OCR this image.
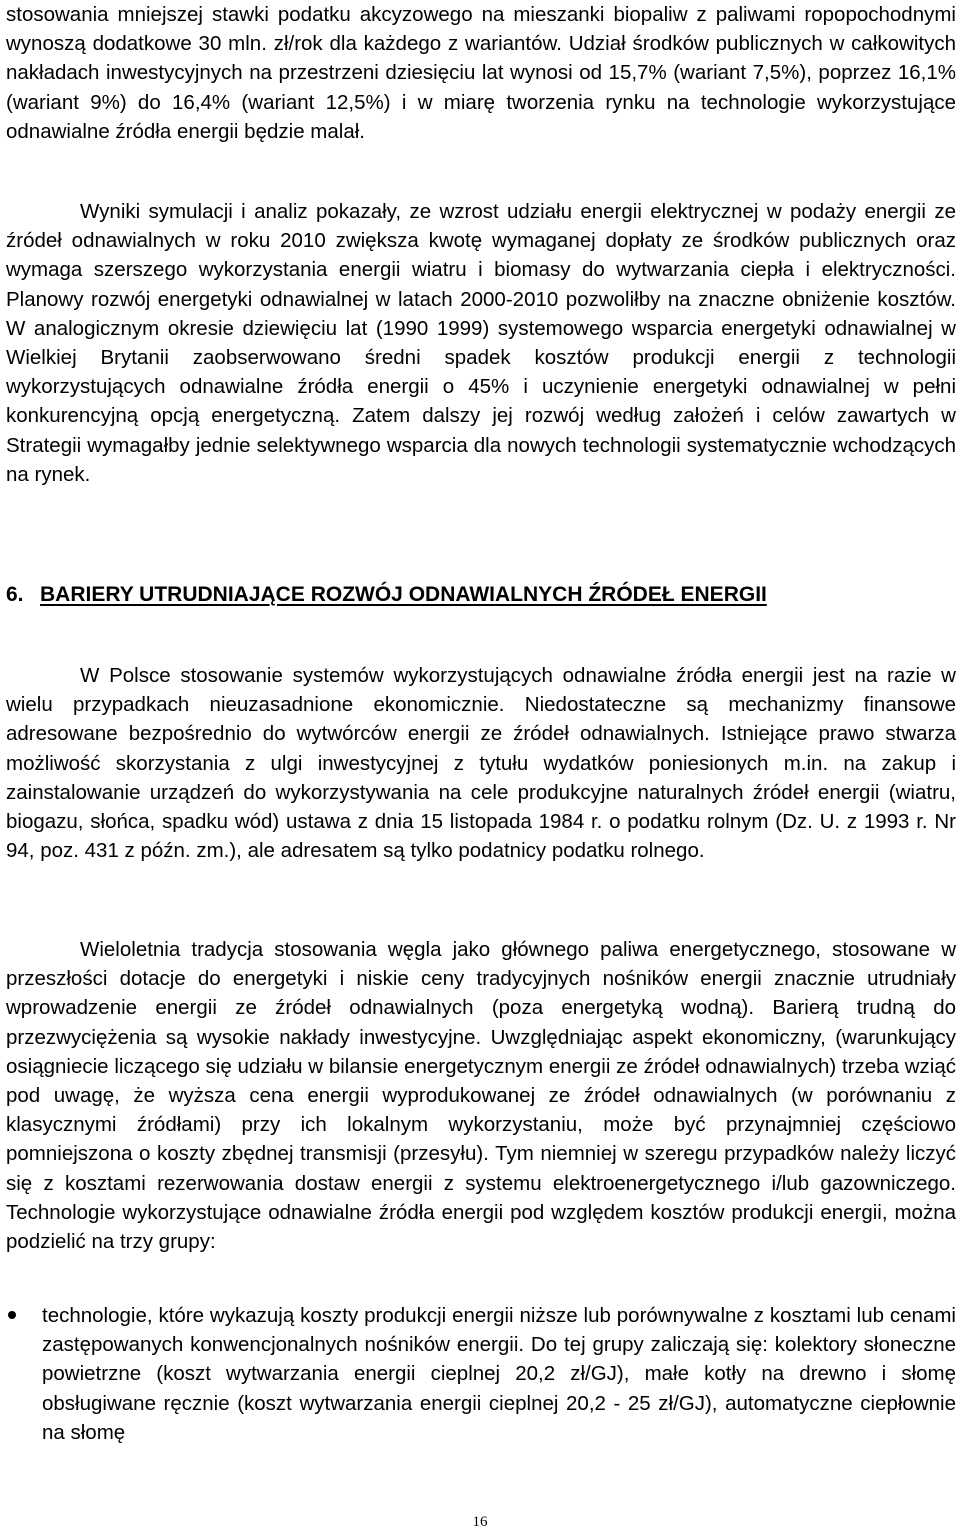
stosowania mniejszej stawki podatku akcyzowego na mieszanki biopaliw z paliwami ropopochodnymi wynoszą dodatkowe 30 mln. zł/rok dla każdego z wariantów. Udział środków publicznych w całkowitych nakładach inwestycyjnych na przestrzeni dziesięciu lat wynosi od 15,7% (wariant 7,5%), poprzez 16,1% (wariant 9%) do 16,4% (wariant 12,5%) i w miarę tworzenia rynku na technologie wykorzystujące odnawialne źródła energii będzie malał.

Wyniki symulacji i analiz pokazały, ze wzrost udziału energii elektrycznej w podaży energii ze źródeł odnawialnych w roku 2010 zwiększa kwotę wymaganej dopłaty ze środków publicznych oraz wymaga szerszego wykorzystania energii wiatru i biomasy do wytwarzania ciepła i elektryczności. Planowy rozwój energetyki odnawialnej w latach 2000-2010 pozwoliłby na znaczne obniżenie kosztów. W analogicznym okresie dziewięciu lat (1990 1999) systemowego wsparcia energetyki odnawialnej w Wielkiej Brytanii zaobserwowano średni spadek kosztów produkcji energii z technologii wykorzystujących odnawialne źródła energii o 45% i uczynienie energetyki odnawialnej w pełni konkurencyjną opcją energetyczną. Zatem dalszy jej rozwój według założeń i celów zawartych w Strategii wymagałby jednie selektywnego wsparcia dla nowych technologii systematycznie wchodzących na rynek.

6. BARIERY UTRUDNIAJĄCE ROZWÓJ ODNAWIALNYCH ŹRÓDEŁ ENERGII

W Polsce stosowanie systemów wykorzystujących odnawialne źródła energii jest na razie w wielu przypadkach nieuzasadnione ekonomicznie. Niedostateczne są mechanizmy finansowe adresowane bezpośrednio do wytwórców energii ze źródeł odnawialnych. Istniejące prawo stwarza możliwość skorzystania z ulgi inwestycyjnej z tytułu wydatków poniesionych m.in. na zakup i zainstalowanie urządzeń do wykorzystywania na cele produkcyjne naturalnych źródeł energii (wiatru, biogazu, słońca, spadku wód) ustawa z dnia 15 listopada 1984 r. o podatku rolnym (Dz. U. z 1993 r. Nr 94, poz. 431 z późn. zm.), ale adresatem są tylko podatnicy podatku rolnego.

Wieloletnia tradycja stosowania węgla jako głównego paliwa energetycznego, stosowane w przeszłości dotacje do energetyki i niskie ceny tradycyjnych nośników energii znacznie utrudniały wprowadzenie energii ze źródeł odnawialnych (poza energetyką wodną). Barierą trudną do przezwyciężenia są wysokie nakłady inwestycyjne. Uwzględniając aspekt ekonomiczny, (warunkujący osiągniecie liczącego się udziału w bilansie energetycznym energii ze źródeł odnawialnych) trzeba wziąć pod uwagę, że wyższa cena energii wyprodukowanej ze źródeł odnawialnych (w porównaniu z klasycznymi źródłami) przy ich lokalnym wykorzystaniu, może być przynajmniej częściowo pomniejszona o koszty zbędnej transmisji (przesyłu). Tym niemniej w szeregu przypadków należy liczyć się z kosztami rezerwowania dostaw energii z systemu elektroenergetycznego i/lub gazowniczego. Technologie wykorzystujące odnawialne źródła energii pod względem kosztów produkcji energii, można podzielić na trzy grupy:

technologie, które wykazują koszty produkcji energii niższe lub porównywalne z kosztami lub cenami zastępowanych konwencjonalnych nośników energii. Do tej grupy zaliczają się: kolektory słoneczne powietrzne (koszt wytwarzania energii cieplnej 20,2 zł/GJ), małe kotły na drewno i słomę obsługiwane ręcznie (koszt wytwarzania energii cieplnej 20,2 - 25 zł/GJ), automatyczne ciepłownie na słomę
16
